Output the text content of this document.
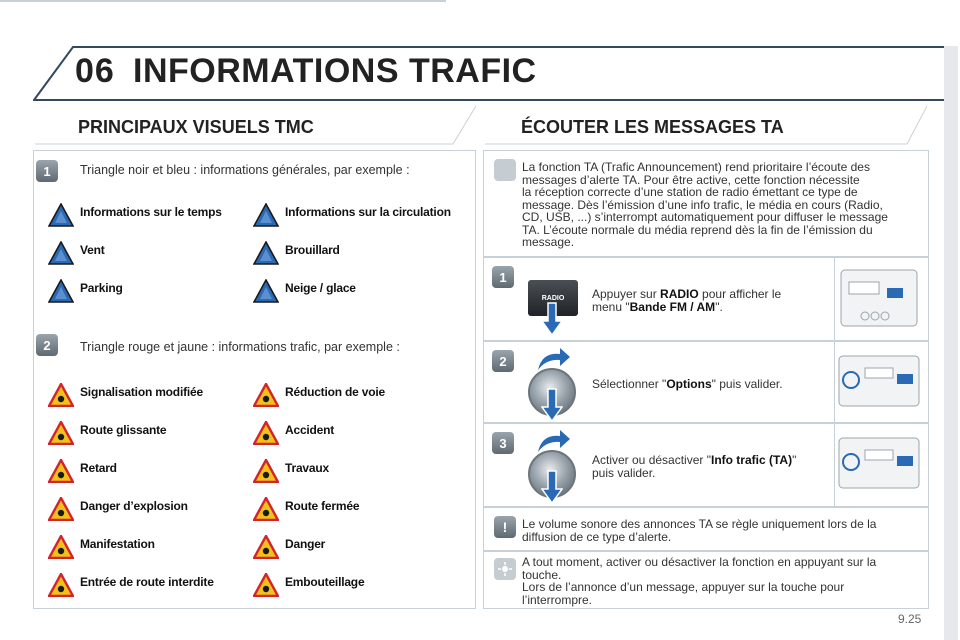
06 INFORMATIONS TRAFIC
PRINCIPAUX VISUELS TMC	ÉCOUTER LES MESSAGES TA
1	Triangle noir et bleu : informations générales, par exemple :
Informations sur le temps	Informations sur la circulation
Vent	Brouillard
Parking	Neige / glace
2	Triangle rouge et jaune : informations trafic, par exemple :
Signalisation modifiée	Réduction de voie
Route glissante	Accident
Retard	Travaux
Danger d’explosion	Route fermée
Manifestation	Danger
Entrée de route interdite	Embouteillage
La fonction TA (Trafic Announcement) rend prioritaire l’écoute des
messages d’alerte TA. Pour être active, cette fonction nécessite
la réception correcte d’une station de radio émettant ce type de
message. Dès l’émission d’une info trafic, le média en cours (Radio,
CD, USB, ...) s’interrompt automatiquement pour diffuser le message
TA. L’écoute normale du média reprend dès la fin de l’émission du
message.
1
RADIO	Appuyer sur RADIO pour afficher le
menu "Bande FM / AM".
2
Sélectionner "Options" puis valider.
3
Activer ou désactiver "Info trafic (TA)"
puis valider.
!	Le volume sonore des annonces TA se règle uniquement lors de la
diffusion de ce type d’alerte.
A tout moment, activer ou désactiver la fonction en appuyant sur la
touche.
Lors de l’annonce d’un message, appuyer sur la touche pour
l’interrompre.
9.25
